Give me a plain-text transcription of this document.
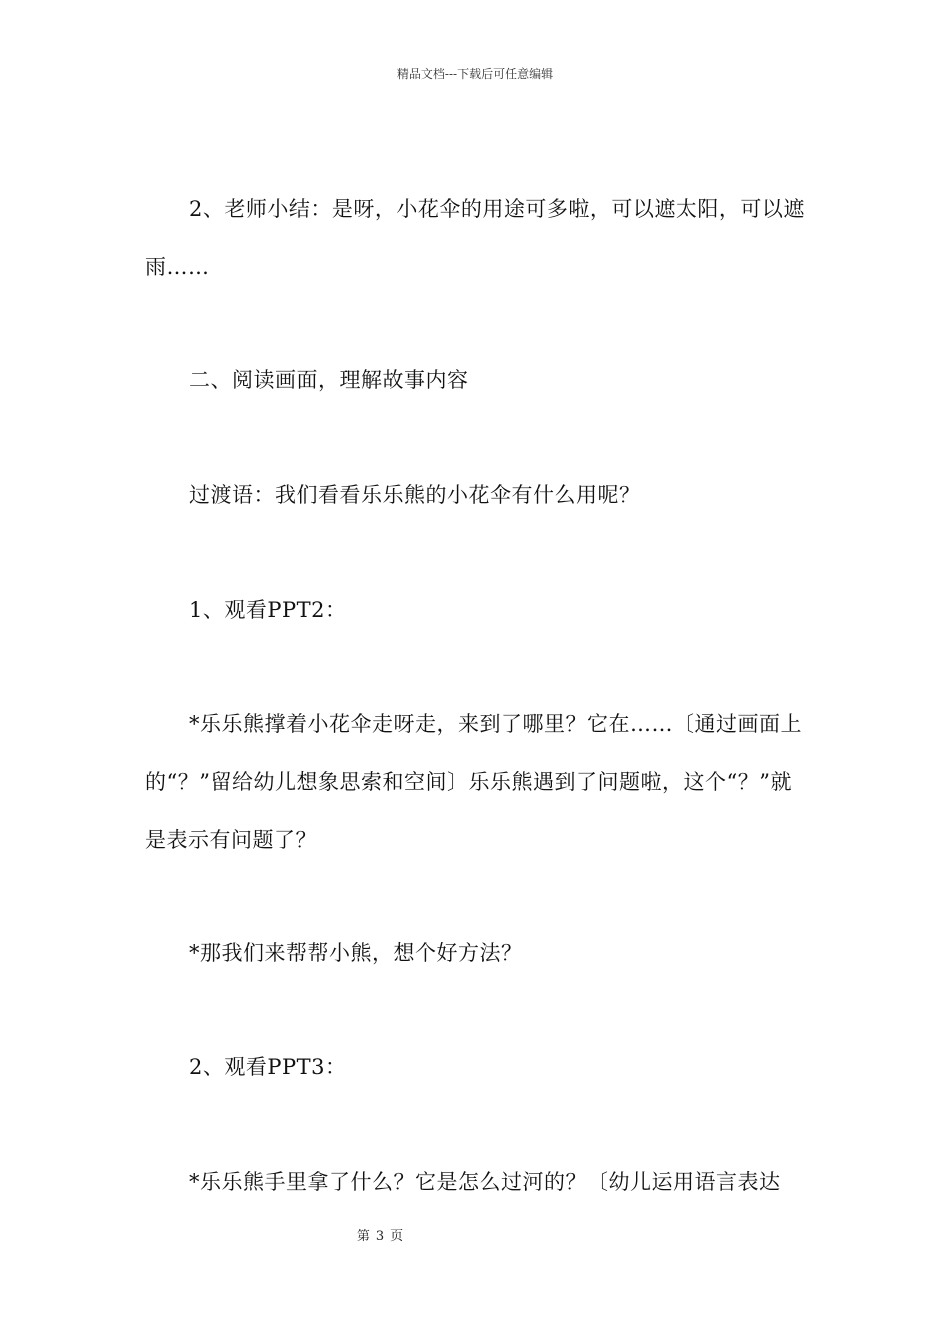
精品文档---下载后可任意编辑

2、老师小结：是呀，小花伞的用途可多啦，可以遮太阳，可以遮雨……

二、阅读画面，理解故事内容

过渡语：我们看看乐乐熊的小花伞有什么用呢？

1、观看PPT2：

*乐乐熊撑着小花伞走呀走，来到了哪里？它在……〔通过画面上的“？”留给幼儿想象思索和空间〕乐乐熊遇到了问题啦，这个“？”就是表示有问题了？

*那我们来帮帮小熊，想个好方法？

2、观看PPT3：

*乐乐熊手里拿了什么？它是怎么过河的？〔幼儿运用语言表达

第 3 页
